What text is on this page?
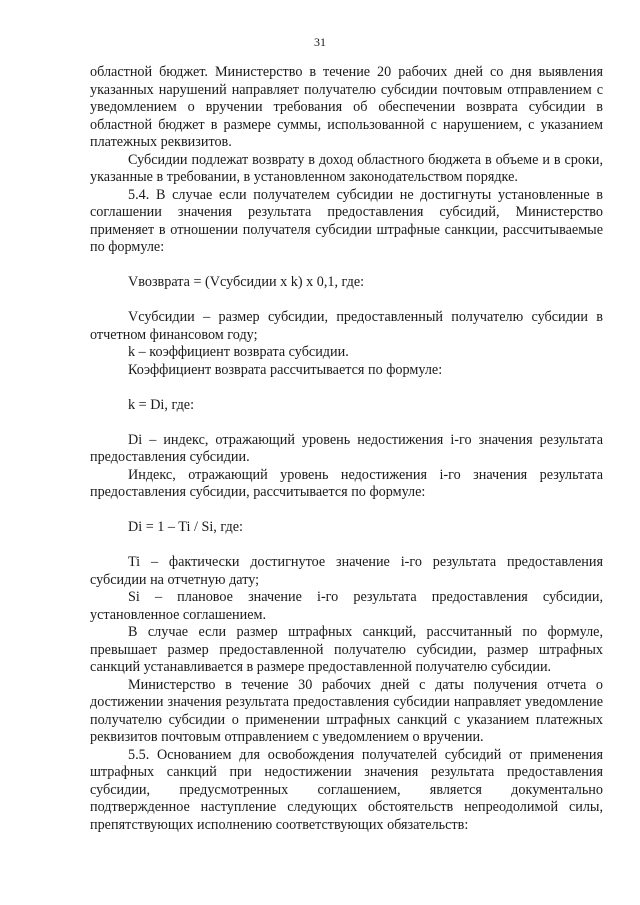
31

областной бюджет. Министерство в течение 20 рабочих дней со дня выявления указанных нарушений направляет получателю субсидии почтовым отправлением с уведомлением о вручении требования об обеспечении возврата субсидии в областной бюджет в размере суммы, использованной с нарушением, с указанием платежных реквизитов.

Субсидии подлежат возврату в доход областного бюджета в объеме и в сроки, указанные в требовании, в установленном законодательством порядке.

5.4. В случае если получателем субсидии не достигнуты установленные в соглашении значения результата предоставления субсидий, Министерство применяет в отношении получателя субсидии штрафные санкции, рассчитываемые по формуле:

Vвозврата = (Vсубсидии x k) x 0,1, где:

Vсубсидии – размер субсидии, предоставленный получателю субсидии в отчетном финансовом году;

k – коэффициент возврата субсидии.

Коэффициент возврата рассчитывается по формуле:

k = Di, где:

Di – индекс, отражающий уровень недостижения i-го значения результата предоставления субсидии.

Индекс, отражающий уровень недостижения i-го значения результата предоставления субсидии, рассчитывается по формуле:

Di = 1 – Ti / Si, где:

Ti – фактически достигнутое значение i-го результата предоставления субсидии на отчетную дату;

Si – плановое значение i-го результата предоставления субсидии, установленное соглашением.

В случае если размер штрафных санкций, рассчитанный по формуле, превышает размер предоставленной получателю субсидии, размер штрафных санкций устанавливается в размере предоставленной получателю субсидии.

Министерство в течение 30 рабочих дней с даты получения отчета о достижении значения результата предоставления субсидии направляет уведомление получателю субсидии о применении штрафных санкций с указанием платежных реквизитов почтовым отправлением с уведомлением о вручении.

5.5. Основанием для освобождения получателей субсидий от применения штрафных санкций при недостижении значения результата предоставления субсидии, предусмотренных соглашением, является документально подтвержденное наступление следующих обстоятельств непреодолимой силы, препятствующих исполнению соответствующих обязательств:
